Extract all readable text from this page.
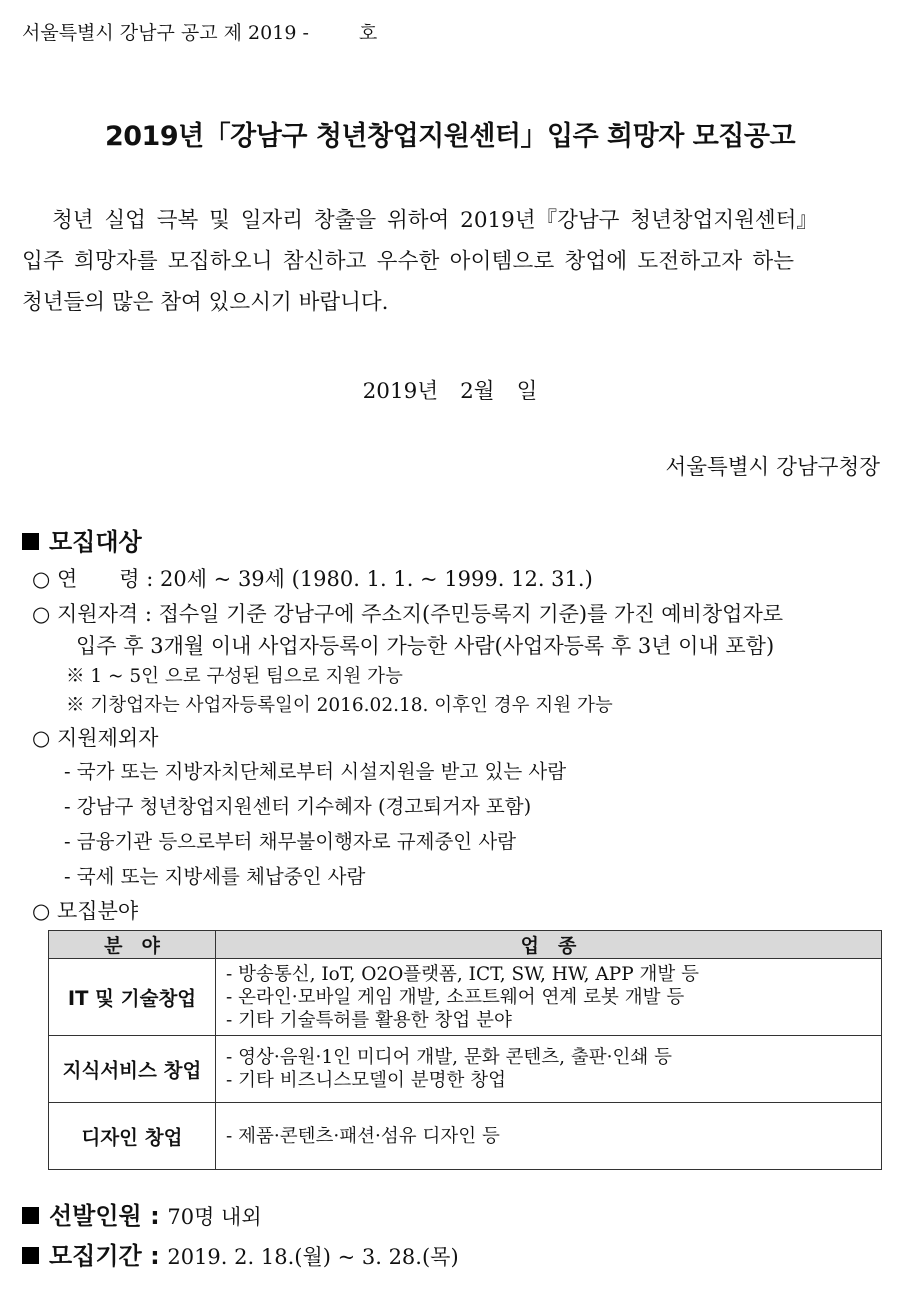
서울특별시 강남구 공고 제 2019 -	호
2019년「강남구 청년창업지원센터」입주 희망자 모집공고
청년 실업 극복 및 일자리 창출을 위하여 2019년『강남구 청년창업지원센터』
입주 희망자를 모집하오니 참신하고 우수한 아이템으로 창업에 도전하고자 하는
청년들의 많은 참여 있으시기 바랍니다.
2019년 2월 일
서울특별시 강남구청장
모집대상
○ 연　　령 : 20세 ~ 39세 (1980. 1. 1. ~ 1999. 12. 31.)
○ 지원자격 : 접수일 기준 강남구에 주소지(주민등록지 기준)를 가진 예비창업자로
입주 후 3개월 이내 사업자등록이 가능한 사람(사업자등록 후 3년 이내 포함)
※ 1 ~ 5인 으로 구성된 팀으로 지원 가능
※ 기창업자는 사업자등록일이 2016.02.18. 이후인 경우 지원 가능
○ 지원제외자
- 국가 또는 지방자치단체로부터 시설지원을 받고 있는 사람
- 강남구 청년창업지원센터 기수혜자 (경고퇴거자 포함)
- 금융기관 등으로부터 채무불이행자로 규제중인 사람
- 국세 또는 지방세를 체납중인 사람
○ 모집분야
분　야	업　종
IT 및 기술창업	- 방송통신, IoT, O2O플랫폼, ICT, SW, HW, APP 개발 등
- 온라인·모바일 게임 개발, 소프트웨어 연계 로봇 개발 등
- 기타 기술특허를 활용한 창업 분야

지식서비스 창업	- 영상·음원·1인 미디어 개발, 문화 콘텐츠, 출판·인쇄 등
- 기타 비즈니스모델이 분명한 창업

디자인 창업	- 제품·콘텐츠·패션·섬유 디자인 등
선발인원 : 70명 내외
모집기간 : 2019. 2. 18.(월) ~ 3. 28.(목)
